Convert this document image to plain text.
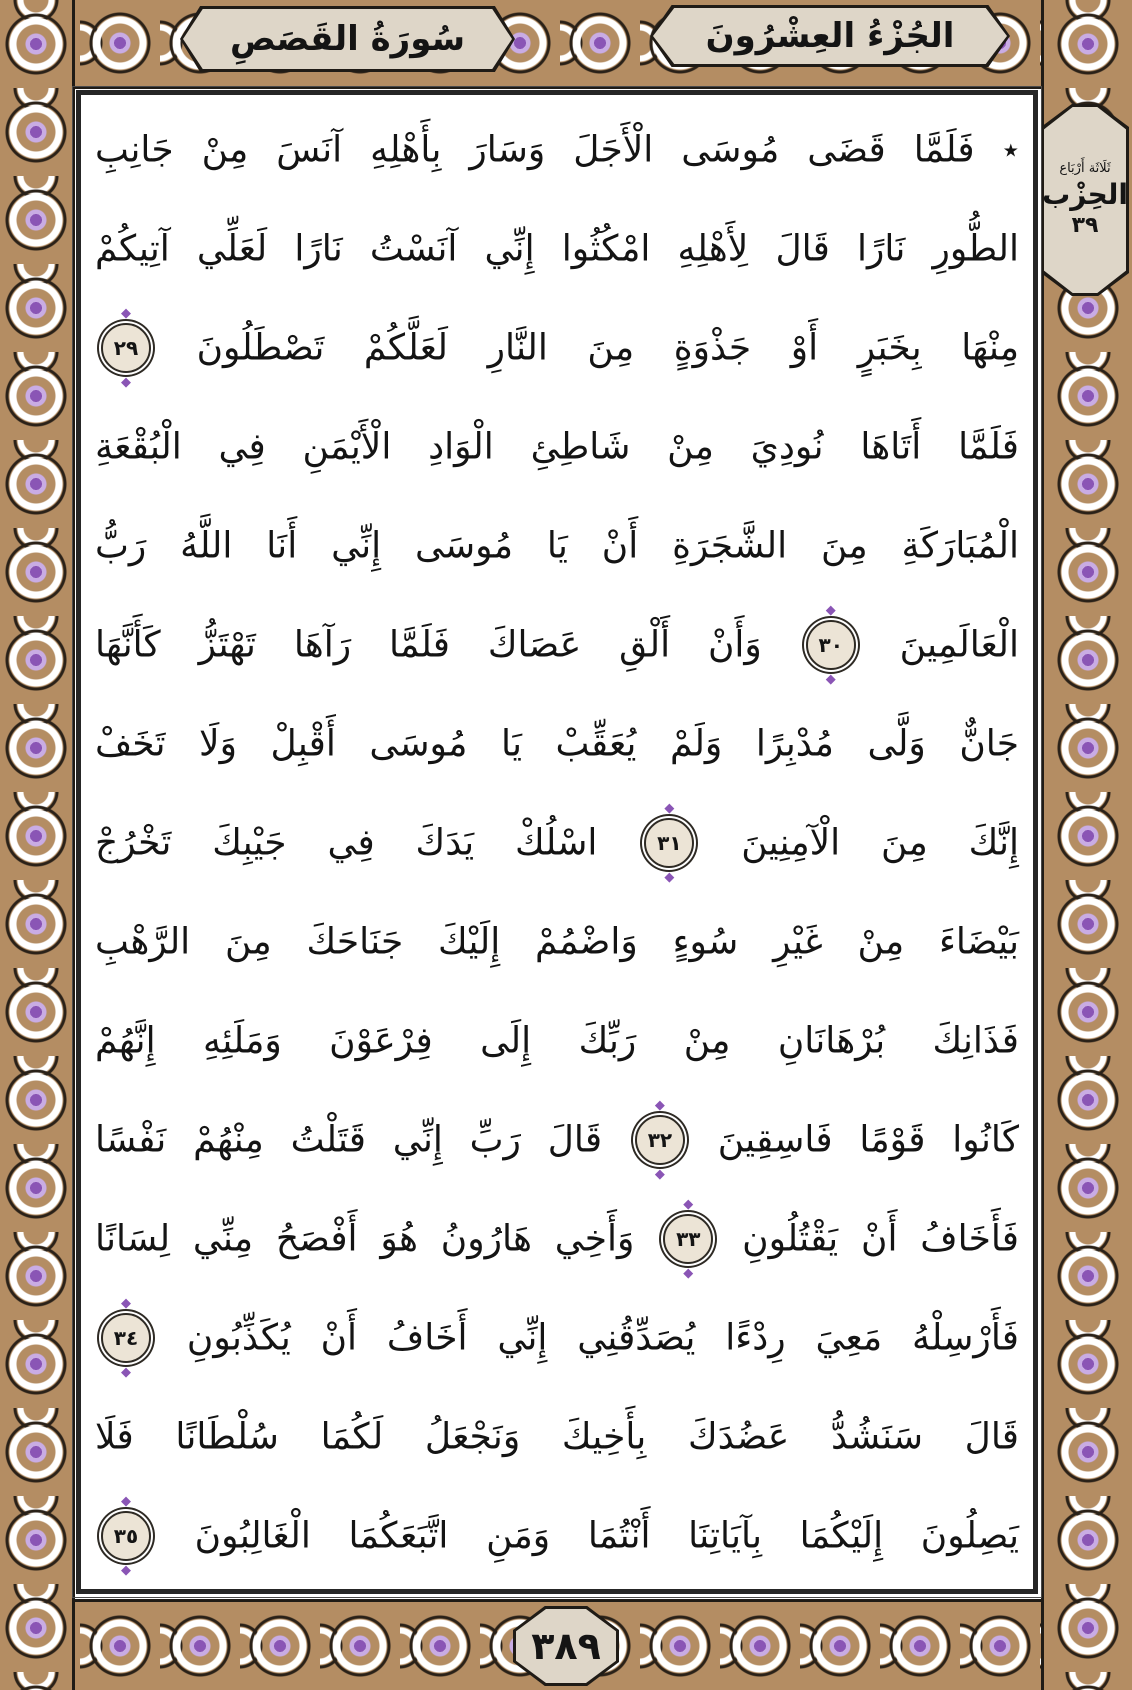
سُورَةُ القَصَصِ	الجُزْءُ العِشْرُونَ
ثَلَاثَة أَرْبَاع
الحِزْب
٣٩
٭ فَلَمَّا قَضَى مُوسَى الْأَجَلَ وَسَارَ بِأَهْلِهِ آنَسَ مِنْ جَانِبِ
الطُّورِ نَارًا قَالَ لِأَهْلِهِ امْكُثُوا إِنِّي آنَسْتُ نَارًا لَعَلِّي آتِيكُمْ
مِنْهَا بِخَبَرٍ أَوْ جَذْوَةٍ مِنَ النَّارِ لَعَلَّكُمْ تَصْطَلُونَ
◆ ٢٩
◆
فَلَمَّا أَتَاهَا نُودِيَ مِنْ شَاطِئِ الْوَادِ الْأَيْمَنِ فِي الْبُقْعَةِ
الْمُبَارَكَةِ مِنَ الشَّجَرَةِ أَنْ يَا مُوسَى إِنِّي أَنَا اللَّهُ رَبُّ
الْعَالَمِينَ
◆ ٣٠
◆ وَأَنْ أَلْقِ عَصَاكَ فَلَمَّا رَآهَا تَهْتَزُّ كَأَنَّهَا
جَانٌّ وَلَّى مُدْبِرًا وَلَمْ يُعَقِّبْ يَا مُوسَى أَقْبِلْ وَلَا تَخَفْ
إِنَّكَ مِنَ الْآمِنِينَ
◆ ٣١
◆ اسْلُكْ يَدَكَ فِي جَيْبِكَ تَخْرُجْ
بَيْضَاءَ مِنْ غَيْرِ سُوءٍ وَاضْمُمْ إِلَيْكَ جَنَاحَكَ مِنَ الرَّهْبِ
فَذَانِكَ بُرْهَانَانِ مِنْ رَبِّكَ إِلَى فِرْعَوْنَ وَمَلَئِهِ إِنَّهُمْ
كَانُوا قَوْمًا فَاسِقِينَ
◆ ٣٢
◆ قَالَ رَبِّ إِنِّي قَتَلْتُ مِنْهُمْ نَفْسًا
فَأَخَافُ أَنْ يَقْتُلُونِ
◆ ٣٣
◆ وَأَخِي هَارُونُ هُوَ أَفْصَحُ مِنِّي لِسَانًا
فَأَرْسِلْهُ مَعِيَ رِدْءًا يُصَدِّقُنِي إِنِّي أَخَافُ أَنْ يُكَذِّبُونِ
◆ ٣٤
◆
قَالَ سَنَشُدُّ عَضُدَكَ بِأَخِيكَ وَنَجْعَلُ لَكُمَا سُلْطَانًا فَلَا
يَصِلُونَ إِلَيْكُمَا بِآيَاتِنَا أَنْتُمَا وَمَنِ اتَّبَعَكُمَا الْغَالِبُونَ
◆ ٣٥
◆
٣٨٩
